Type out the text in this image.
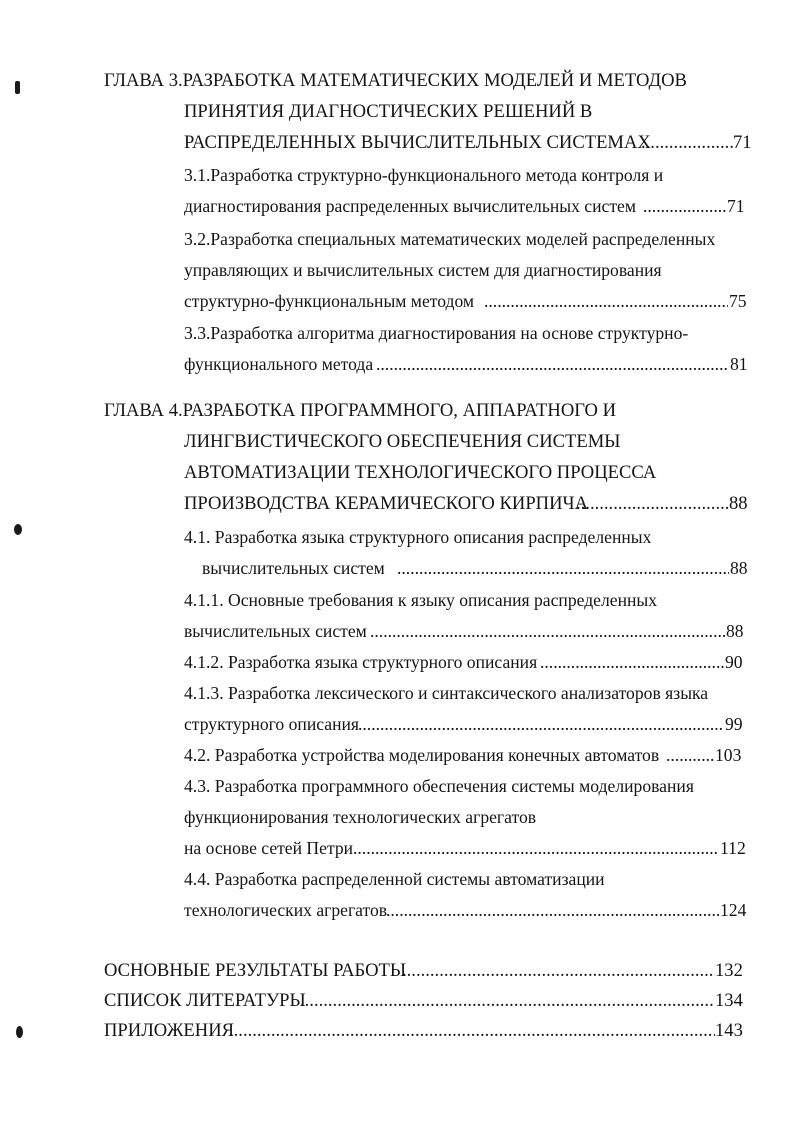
ГЛАВА 3.РАЗРАБОТКА МАТЕМАТИЧЕСКИХ МОДЕЛЕЙ И МЕТОДОВ
ПРИНЯТИЯ ДИАГНОСТИЧЕСКИХ РЕШЕНИЙ В
РАСПРЕДЕЛЕННЫХ ВЫЧИСЛИТЕЛЬНЫХ СИСТЕМАХ .....	71
3.1.Разработка структурно-функционального метода контроля и
диагностирования распределенных вычислительных систем .....	71
3.2.Разработка специальных математических моделей распределенных
управляющих и вычислительных систем для диагностирования
структурно-функциональным методом .....	75
3.3.Разработка алгоритма диагностирования на основе структурно-
функционального метода .....	81
ГЛАВА 4.РАЗРАБОТКА ПРОГРАММНОГО, АППАРАТНОГО И
ЛИНГВИСТИЧЕСКОГО ОБЕСПЕЧЕНИЯ СИСТЕМЫ
АВТОМАТИЗАЦИИ ТЕХНОЛОГИЧЕСКОГО ПРОЦЕССА
ПРОИЗВОДСТВА КЕРАМИЧЕСКОГО КИРПИЧА .....	88
4.1. Разработка языка структурного описания распределенных
вычислительных систем .....	88
4.1.1. Основные требования к языку описания распределенных
вычислительных систем .....	88
4.1.2. Разработка языка структурного описания .....	90
4.1.3. Разработка лексического и синтаксического анализаторов языка
структурного описания .....	99
4.2. Разработка устройства моделирования конечных автоматов .....	103
4.3. Разработка программного обеспечения системы моделирования
функционирования технологических агрегатов
на основе сетей Петри .....	112
4.4. Разработка распределенной системы автоматизации
технологических агрегатов .....	124
ОСНОВНЫЕ РЕЗУЛЬТАТЫ РАБОТЫ .....	132
СПИСОК ЛИТЕРАТУРЫ .....	134
ПРИЛОЖЕНИЯ .....	143
